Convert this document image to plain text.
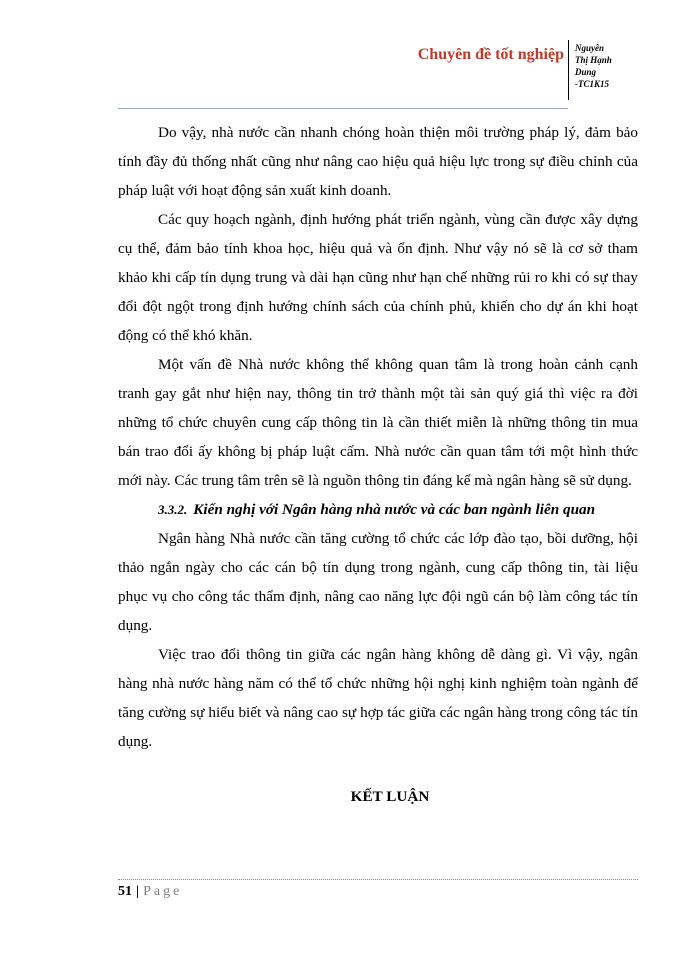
Chuyên đề tốt nghiệp Nguyễn
Thị Hạnh
Dung
-TC1K15

Do vậy, nhà nước cần nhanh chóng hoàn thiện môi trường pháp lý, đảm bảo tính đầy đủ thống nhất cũng như nâng cao hiệu quả hiệu lực trong sự điều chỉnh của pháp luật với hoạt động sản xuất kinh doanh.

Các quy hoạch ngành, định hướng phát triển ngành, vùng cần được xây dựng cụ thể, đảm bảo tính khoa học, hiệu quả và ổn định. Như vậy nó sẽ là cơ sở tham khảo khi cấp tín dụng trung và dài hạn cũng như hạn chế những rủi ro khi có sự thay đổi đột ngột trong định hướng chính sách của chính phủ, khiến cho dự án khi hoạt động có thể khó khăn.

Một vấn đề Nhà nước không thể không quan tâm là trong hoàn cảnh cạnh tranh gay gắt như hiện nay, thông tin trở thành một tài sản quý giá thì việc ra đời những tổ chức chuyên cung cấp thông tin là cần thiết miễn là những thông tin mua bán trao đổi ấy không bị pháp luật cấm. Nhà nước cần quan tâm tới một hình thức mới này. Các trung tâm trên sẽ là nguồn thông tin đáng kể mà ngân hàng sẽ sử dụng.

3.3.2. Kiến nghị với Ngân hàng nhà nước và các ban ngành liên quan

Ngân hàng Nhà nước cần tăng cường tổ chức các lớp đào tạo, bồi dưỡng, hội thảo ngắn ngày cho các cán bộ tín dụng trong ngành, cung cấp thông tin, tài liệu phục vụ cho công tác thẩm định, nâng cao năng lực đội ngũ cán bộ làm công tác tín dụng.

Việc trao đổi thông tin giữa các ngân hàng không dễ dàng gì. Vì vậy, ngân hàng nhà nước hàng năm có thể tổ chức những hội nghị kinh nghiệm toàn ngành để tăng cường sự hiểu biết và nâng cao sự hợp tác giữa các ngân hàng trong công tác tín dụng.

KẾT LUẬN

51 | Page
